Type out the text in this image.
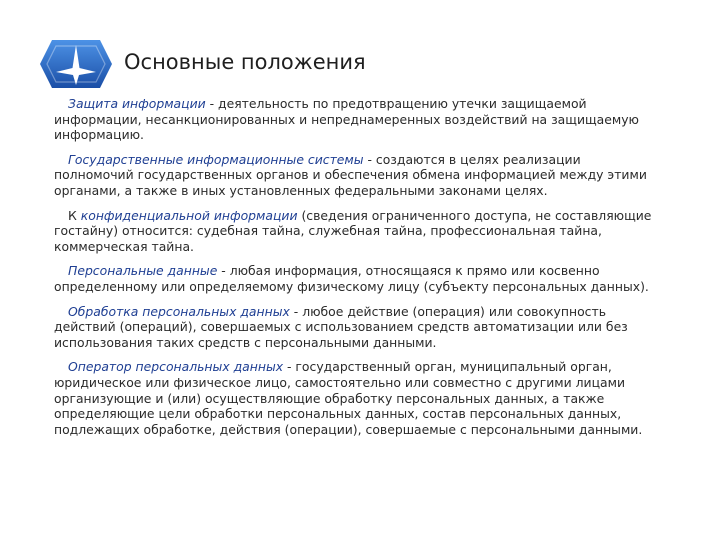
Основные положения

Защита информации - деятельность по предотвращению утечки защищаемой информации, несанкционированных и непреднамеренных воздействий на защищаемую информацию.

Государственные информационные системы - создаются в целях реализации полномочий государственных органов и обеспечения обмена информацией между этими органами, а также в иных установленных федеральными законами целях.

К конфиденциальной информации (сведения ограниченного доступа, не составляющие гостайну) относится: судебная тайна, служебная тайна, профессиональная тайна, коммерческая тайна.

Персональные данные - любая информация, относящаяся к прямо или косвенно определенному или определяемому физическому лицу (субъекту персональных данных).

Обработка персональных данных - любое действие (операция) или совокупность действий (операций), совершаемых с использованием средств автоматизации или без использования таких средств с персональными данными.

Оператор персональных данных - государственный орган, муниципальный орган, юридическое или физическое лицо, самостоятельно или совместно с другими лицами организующие и (или) осуществляющие обработку персональных данных, а также определяющие цели обработки персональных данных, состав персональных данных, подлежащих обработке, действия (операции), совершаемые с персональными данными.
